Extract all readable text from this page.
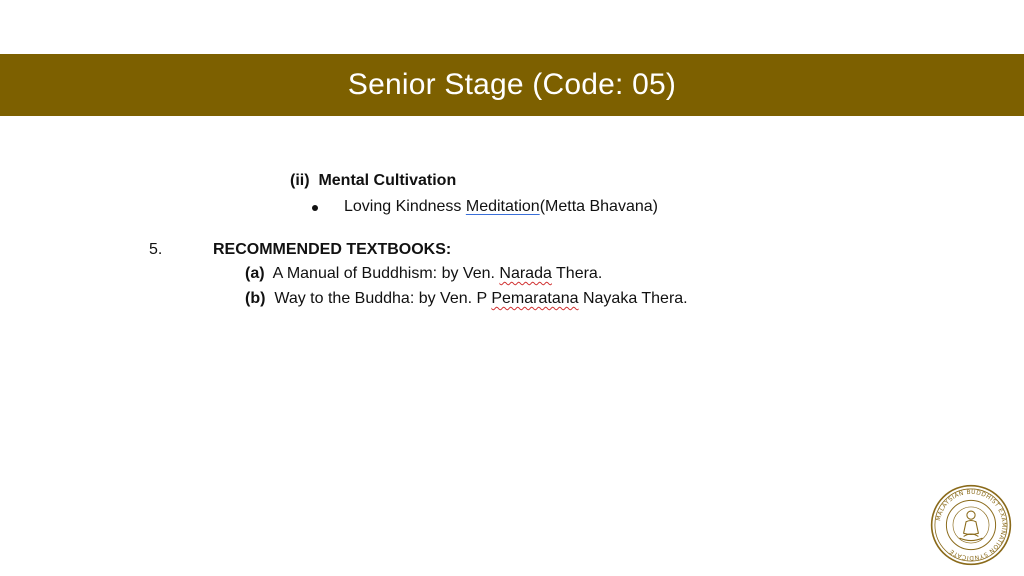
Senior Stage (Code: 05)
(ii) Mental Cultivation
Loving Kindness Meditation(Metta Bhavana)
5.	RECOMMENDED TEXTBOOKS:
(a) A Manual of Buddhism: by Ven. Narada Thera.
(b) Way to the Buddha: by Ven. P Pemaratana Nayaka Thera.
MALAYSIAN BUDDHIST EXAMINATION SYNDICATE
